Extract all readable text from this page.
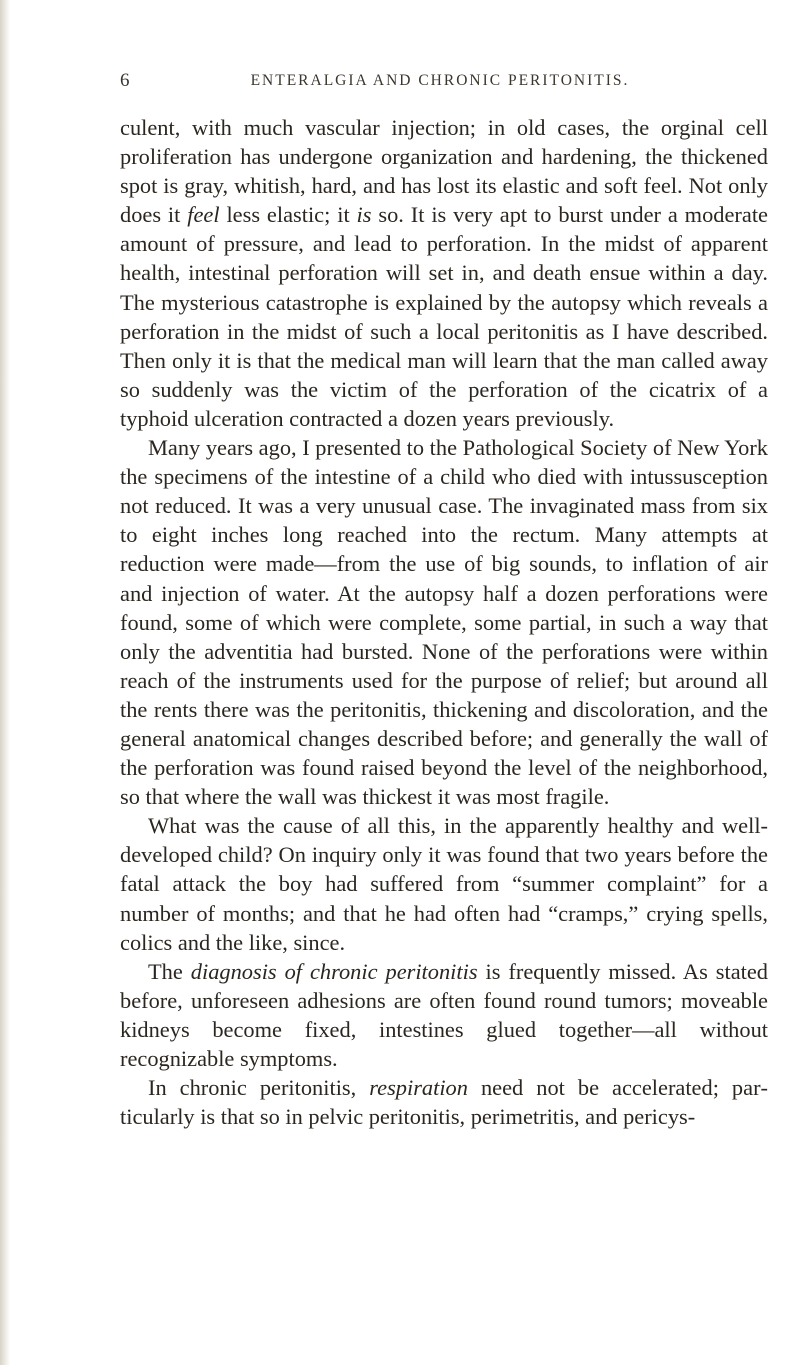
6	ENTERALGIA AND CHRONIC PERITONITIS.

culent, with much vascular injection; in old cases, the orginal cell proliferation has undergone organization and hardening, the thickened spot is gray, whitish, hard, and has lost its elastic and soft feel. Not only does it feel less elastic; it is so. It is very apt to burst under a moderate amount of pressure, and lead to perforation. In the midst of apparent health, intestinal perforation will set in, and death ensue within a day. The mysterious catastrophe is explained by the autopsy which reveals a perforation in the midst of such a local peritonitis as I have described. Then only it is that the medical man will learn that the man called away so suddenly was the victim of the perforation of the cicatrix of a typhoid ulceration contracted a dozen years previously.

Many years ago, I presented to the Pathological Society of New York the specimens of the intestine of a child who died with intussusception not reduced. It was a very unusual case. The invaginated mass from six to eight inches long reached into the rectum. Many attempts at reduction were made—from the use of big sounds, to inflation of air and injection of water. At the autopsy half a dozen perforations were found, some of which were complete, some partial, in such a way that only the adventitia had bursted. None of the perforations were within reach of the instruments used for the purpose of relief; but around all the rents there was the peritonitis, thickening and discoloration, and the general anatomical changes described before; and generally the wall of the perforation was found raised beyond the level of the neighborhood, so that where the wall was thickest it was most fragile.

What was the cause of all this, in the apparently healthy and well-developed child? On inquiry only it was found that two years before the fatal attack the boy had suffered from “summer complaint” for a number of months; and that he had often had “cramps,” crying spells, colics and the like, since.

The diagnosis of chronic peritonitis is frequently missed. As stated before, unforeseen adhesions are often found round tumors; moveable kidneys become fixed, intestines glued together—all without recognizable symptoms.

In chronic peritonitis, respiration need not be accelerated; particularly is that so in pelvic peritonitis, perimetritis, and pericys-
